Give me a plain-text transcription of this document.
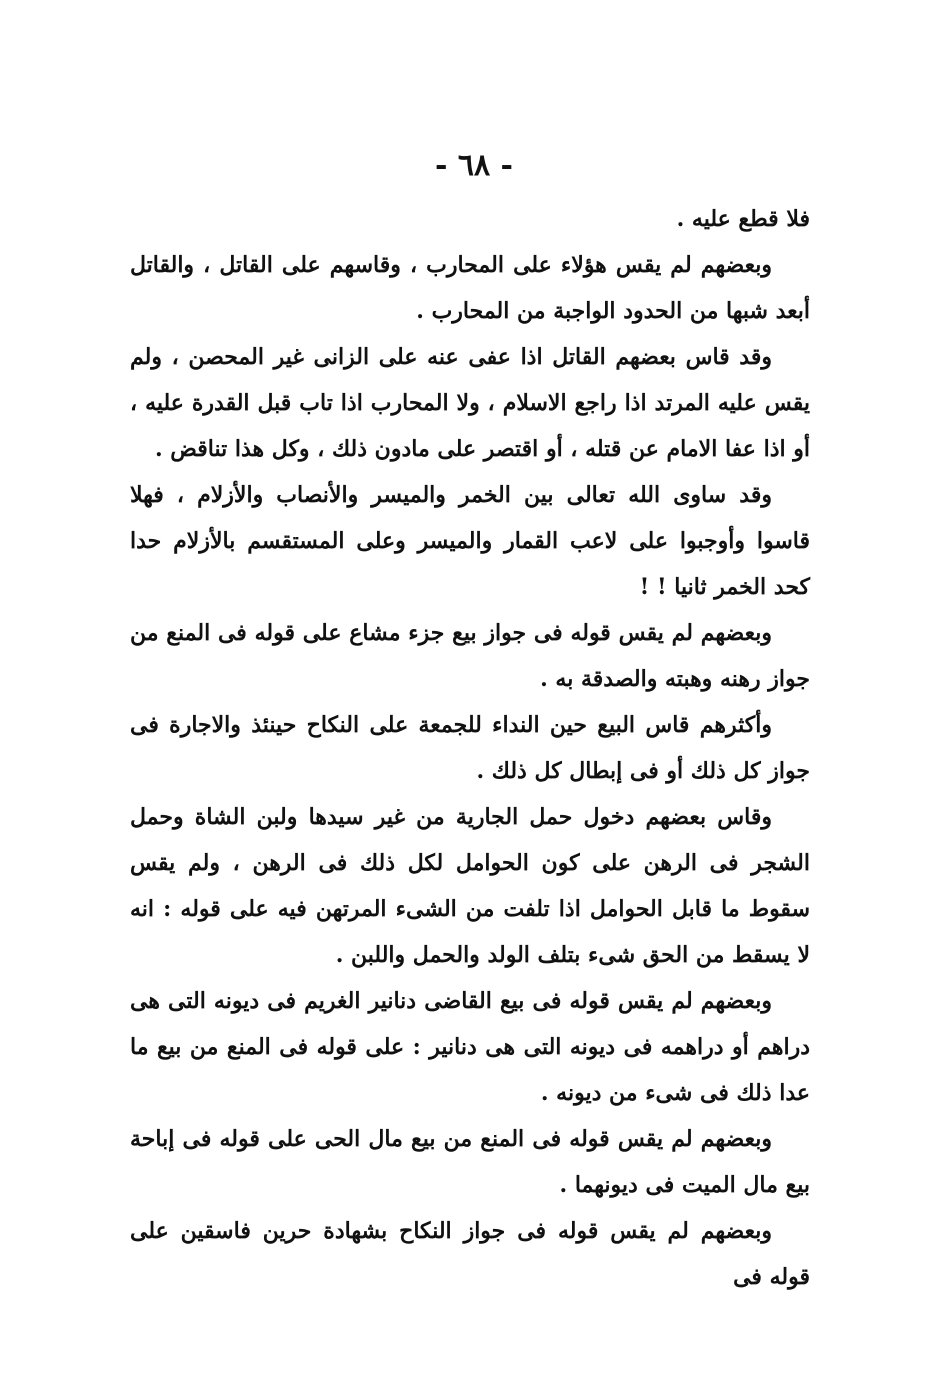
- ٦٨ -

فلا قطع عليه .

وبعضهم لم يقس هؤلاء على المحارب ، وقاسهم على القاتل ، والقاتل أبعد شبها من الحدود الواجبة من المحارب .

وقد قاس بعضهم القاتل اذا عفى عنه على الزانى غير المحصن ، ولم يقس عليه المرتد اذا راجع الاسلام ، ولا المحارب اذا تاب قبل القدرة عليه ، أو اذا عفا الامام عن قتله ، أو اقتصر على مادون ذلك ، وكل هذا تناقض .

وقد ساوى الله تعالى بين الخمر والميسر والأنصاب والأزلام ، فهلا قاسوا وأوجبوا على لاعب القمار والميسر وعلى المستقسم بالأزلام حدا كحد الخمر ثانيا ! !

وبعضهم لم يقس قوله فى جواز بيع جزء مشاع على قوله فى المنع من جواز رهنه وهبته والصدقة به .

وأكثرهم قاس البيع حين النداء للجمعة على النكاح حينئذ والاجارة فى جواز كل ذلك أو فى إبطال كل ذلك .

وقاس بعضهم دخول حمل الجارية من غير سيدها ولبن الشاة وحمل الشجر فى الرهن على كون الحوامل لكل ذلك فى الرهن ، ولم يقس سقوط ما قابل الحوامل اذا تلفت من الشىء المرتهن فيه على قوله : انه لا يسقط من الحق شىء بتلف الولد والحمل واللبن .

وبعضهم لم يقس قوله فى بيع القاضى دنانير الغريم فى ديونه التى هى دراهم أو دراهمه فى ديونه التى هى دنانير : على قوله فى المنع من بيع ما عدا ذلك فى شىء من ديونه .

وبعضهم لم يقس قوله فى المنع من بيع مال الحى على قوله فى إباحة بيع مال الميت فى ديونهما .

وبعضهم لم يقس قوله فى جواز النكاح بشهادة حرين فاسقين على قوله فى
